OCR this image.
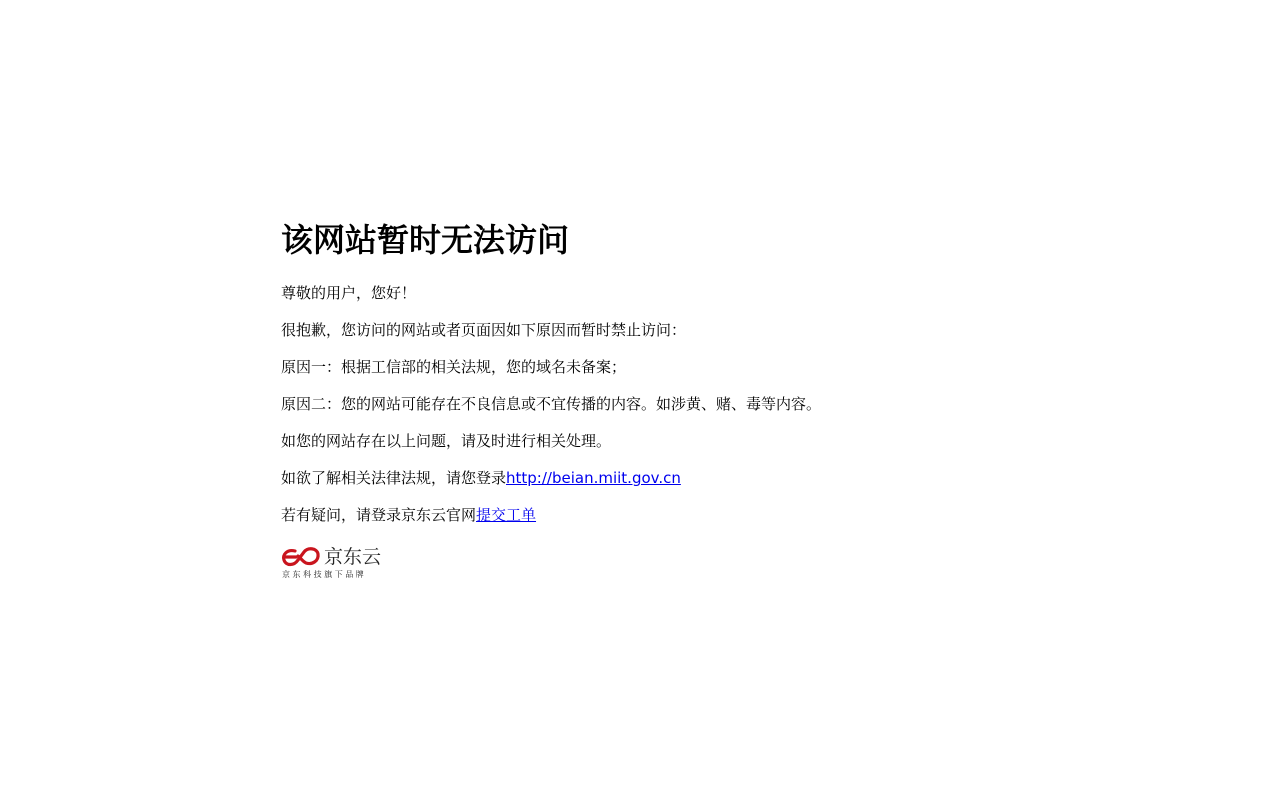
该网站暂时无法访问

尊敬的用户，您好！

很抱歉，您访问的网站或者页面因如下原因而暂时禁止访问：

原因一：根据工信部的相关法规，您的域名未备案；

原因二：您的网站可能存在不良信息或不宜传播的内容。如涉黄、赌、毒等内容。

如您的网站存在以上问题，请及时进行相关处理。

如欲了解相关法律法规，请您登录http://beian.miit.gov.cn

若有疑问，请登录京东云官网提交工单

京东云
京 东 科 技 旗 下 品 牌
